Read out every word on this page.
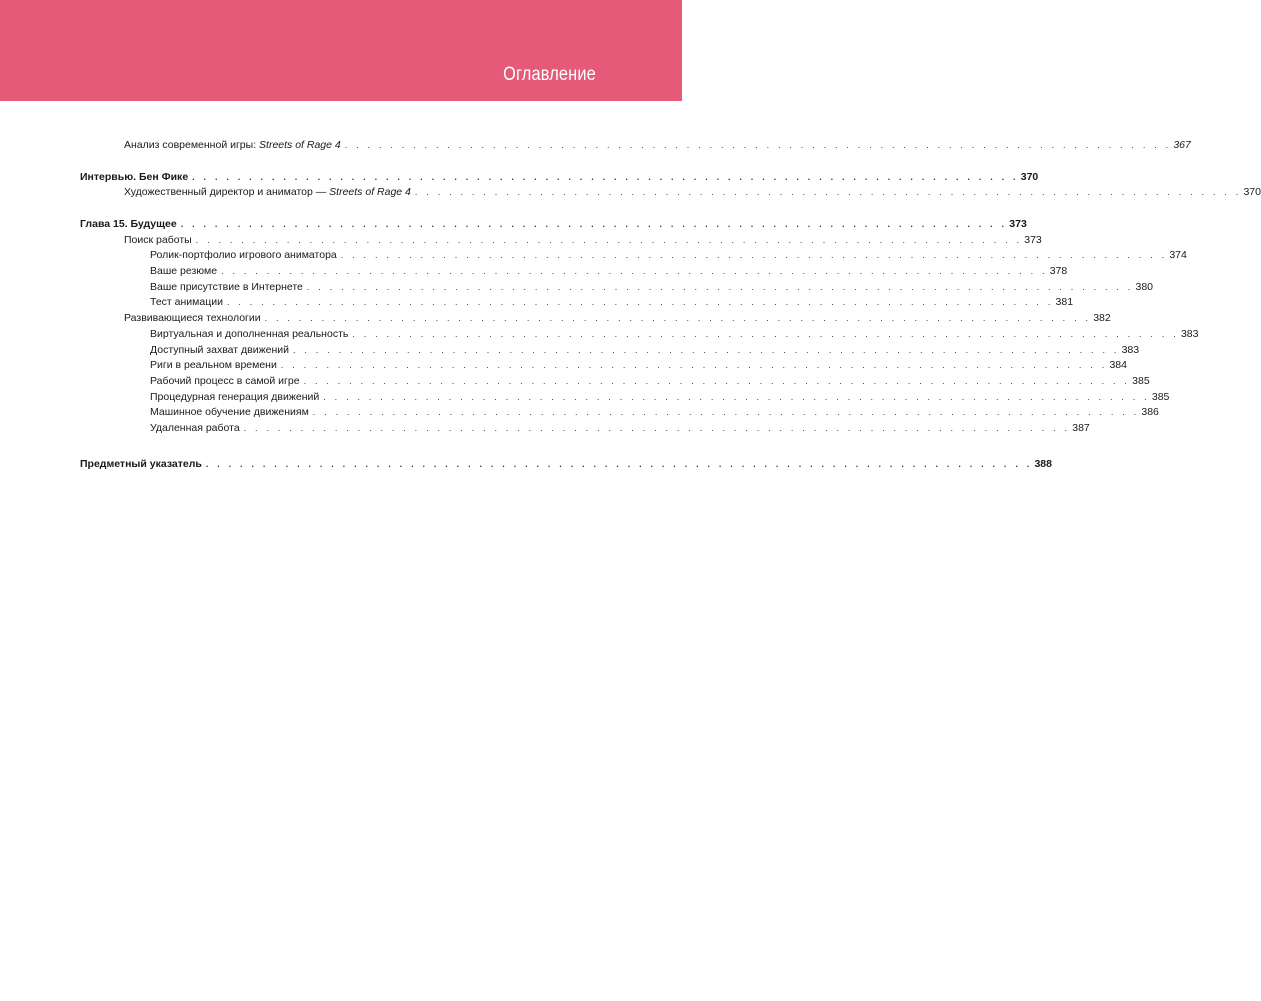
Оглавление
Анализ современной игры: Streets of Rage 4 . . . . . . . . . . . . . . . . . . . . . . . . . . . . . . . . . . . . . . . . . . . . . . . . . . . . . . . . . . . . . . . . . . . . . . . . . 367
Интервью. Бен Фике . . . . . . . . . . . . . . . . . . . . . . . . . . . . . . . . . . . . . . . . . . . . . . . . . . . . . . . . . . . . . . . . . . . . . . . . . 370
Художественный директор и аниматор — Streets of Rage 4 . . . . . . . . . . . . . . . . . . . . . . . . . . . . . . . . . . . . . . . . . . . . . . . . . . . . . . . . . . . . . . . . . . . . . . . . . 370
Глава 15. Будущее . . . . . . . . . . . . . . . . . . . . . . . . . . . . . . . . . . . . . . . . . . . . . . . . . . . . . . . . . . . . . . . . . . . . . . . . . 373
Поиск работы . . . . . . . . . . . . . . . . . . . . . . . . . . . . . . . . . . . . . . . . . . . . . . . . . . . . . . . . . . . . . . . . . . . . . . . . . 373
Ролик-портфолио игрового аниматора . . . . . . . . . . . . . . . . . . . . . . . . . . . . . . . . . . . . . . . . . . . . . . . . . . . . . . . . . . . . . . . . . . . . . . . . . 374
Ваше резюме . . . . . . . . . . . . . . . . . . . . . . . . . . . . . . . . . . . . . . . . . . . . . . . . . . . . . . . . . . . . . . . . . . . . . . . . . 378
Ваше присутствие в Интернете . . . . . . . . . . . . . . . . . . . . . . . . . . . . . . . . . . . . . . . . . . . . . . . . . . . . . . . . . . . . . . . . . . . . . . . . . 380
Тест анимации . . . . . . . . . . . . . . . . . . . . . . . . . . . . . . . . . . . . . . . . . . . . . . . . . . . . . . . . . . . . . . . . . . . . . . . . . 381
Развивающиеся технологии . . . . . . . . . . . . . . . . . . . . . . . . . . . . . . . . . . . . . . . . . . . . . . . . . . . . . . . . . . . . . . . . . . . . . . . . . 382
Виртуальная и дополненная реальность . . . . . . . . . . . . . . . . . . . . . . . . . . . . . . . . . . . . . . . . . . . . . . . . . . . . . . . . . . . . . . . . . . . . . . . . . 383
Доступный захват движений . . . . . . . . . . . . . . . . . . . . . . . . . . . . . . . . . . . . . . . . . . . . . . . . . . . . . . . . . . . . . . . . . . . . . . . . . 383
Риги в реальном времени . . . . . . . . . . . . . . . . . . . . . . . . . . . . . . . . . . . . . . . . . . . . . . . . . . . . . . . . . . . . . . . . . . . . . . . . . 384
Рабочий процесс в самой игре . . . . . . . . . . . . . . . . . . . . . . . . . . . . . . . . . . . . . . . . . . . . . . . . . . . . . . . . . . . . . . . . . . . . . . . . . 385
Процедурная генерация движений . . . . . . . . . . . . . . . . . . . . . . . . . . . . . . . . . . . . . . . . . . . . . . . . . . . . . . . . . . . . . . . . . . . . . . . . . 385
Машинное обучение движениям . . . . . . . . . . . . . . . . . . . . . . . . . . . . . . . . . . . . . . . . . . . . . . . . . . . . . . . . . . . . . . . . . . . . . . . . . 386
Удаленная работа . . . . . . . . . . . . . . . . . . . . . . . . . . . . . . . . . . . . . . . . . . . . . . . . . . . . . . . . . . . . . . . . . . . . . . . . . 387
Предметный указатель . . . . . . . . . . . . . . . . . . . . . . . . . . . . . . . . . . . . . . . . . . . . . . . . . . . . . . . . . . . . . . . . . . . . . . . . . 388
